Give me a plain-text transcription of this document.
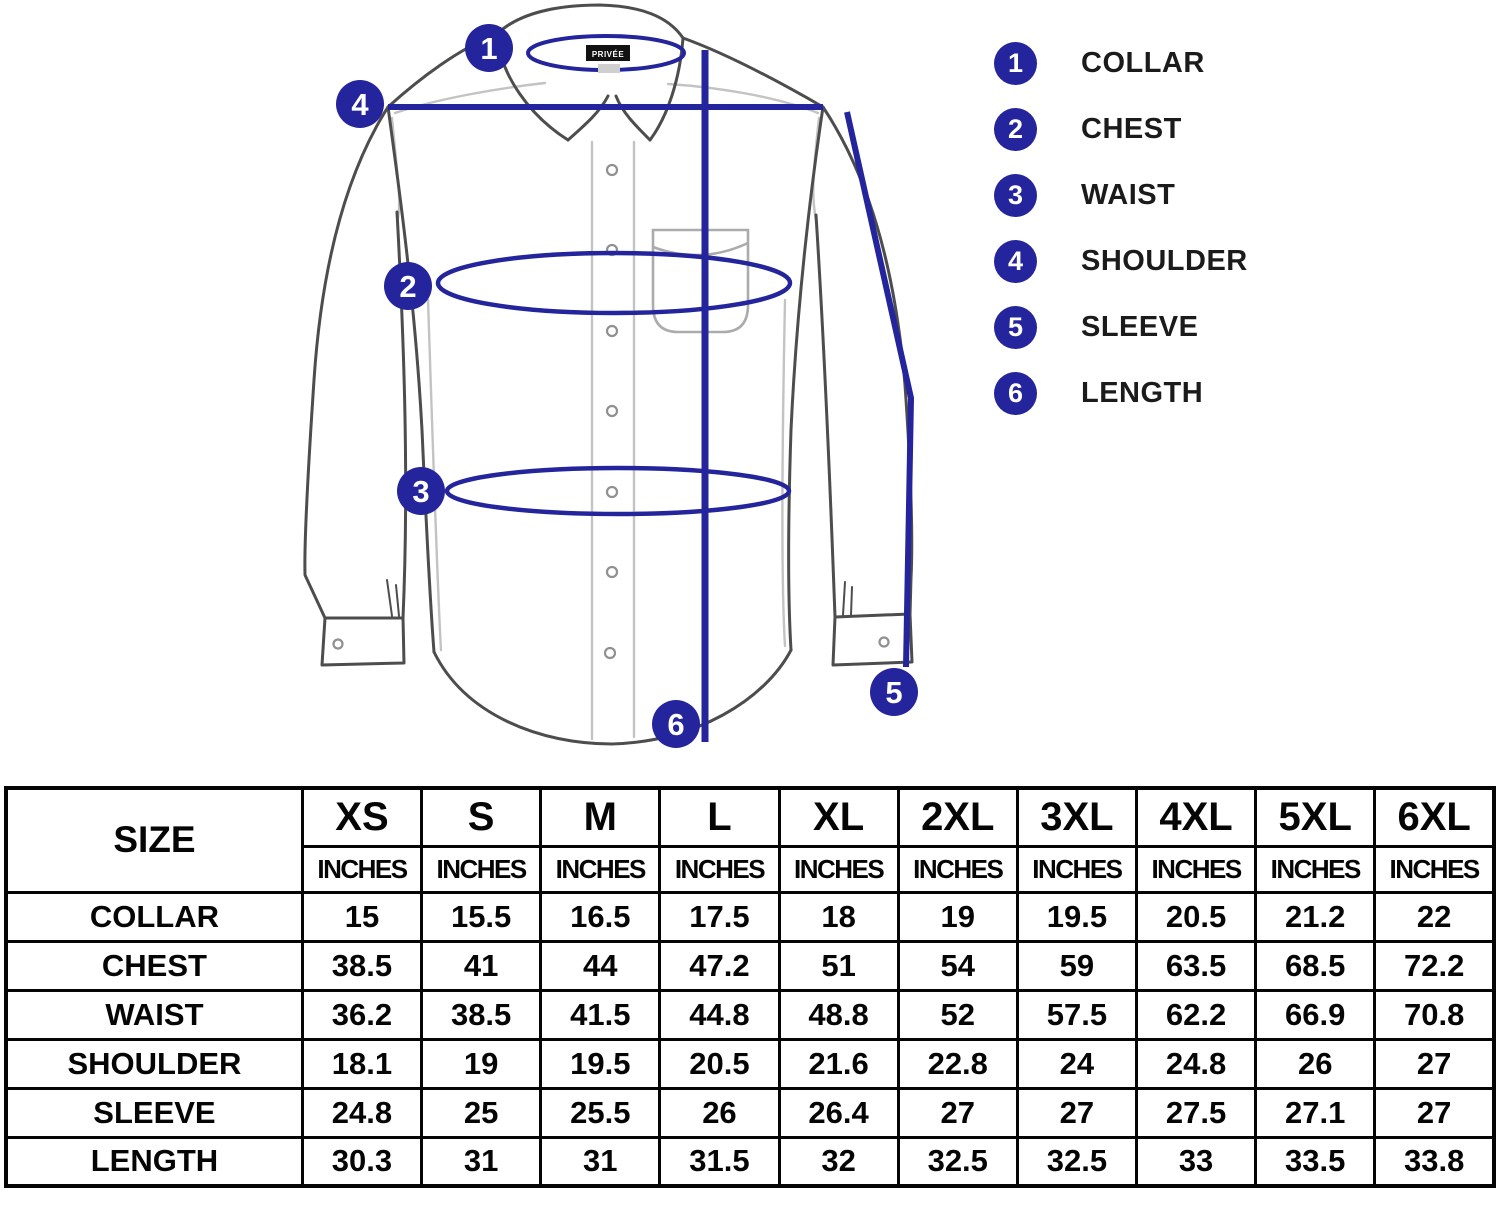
PRIVÉE
1
2
3
4
5
6
1	COLLAR
2	CHEST
3	WAIST
4	SHOULDER
5	SLEEVE
6	LENGTH
SIZE	XS	S	M	L	XL	2XL	3XL	4XL	5XL	6XL
	INCHES	INCHES	INCHES	INCHES	INCHES	INCHES	INCHES	INCHES	INCHES	INCHES
COLLAR	15	15.5	16.5	17.5	18	19	19.5	20.5	21.2	22
CHEST	38.5	41	44	47.2	51	54	59	63.5	68.5	72.2
WAIST	36.2	38.5	41.5	44.8	48.8	52	57.5	62.2	66.9	70.8
SHOULDER	18.1	19	19.5	20.5	21.6	22.8	24	24.8	26	27
SLEEVE	24.8	25	25.5	26	26.4	27	27	27.5	27.1	27
LENGTH	30.3	31	31	31.5	32	32.5	32.5	33	33.5	33.8
